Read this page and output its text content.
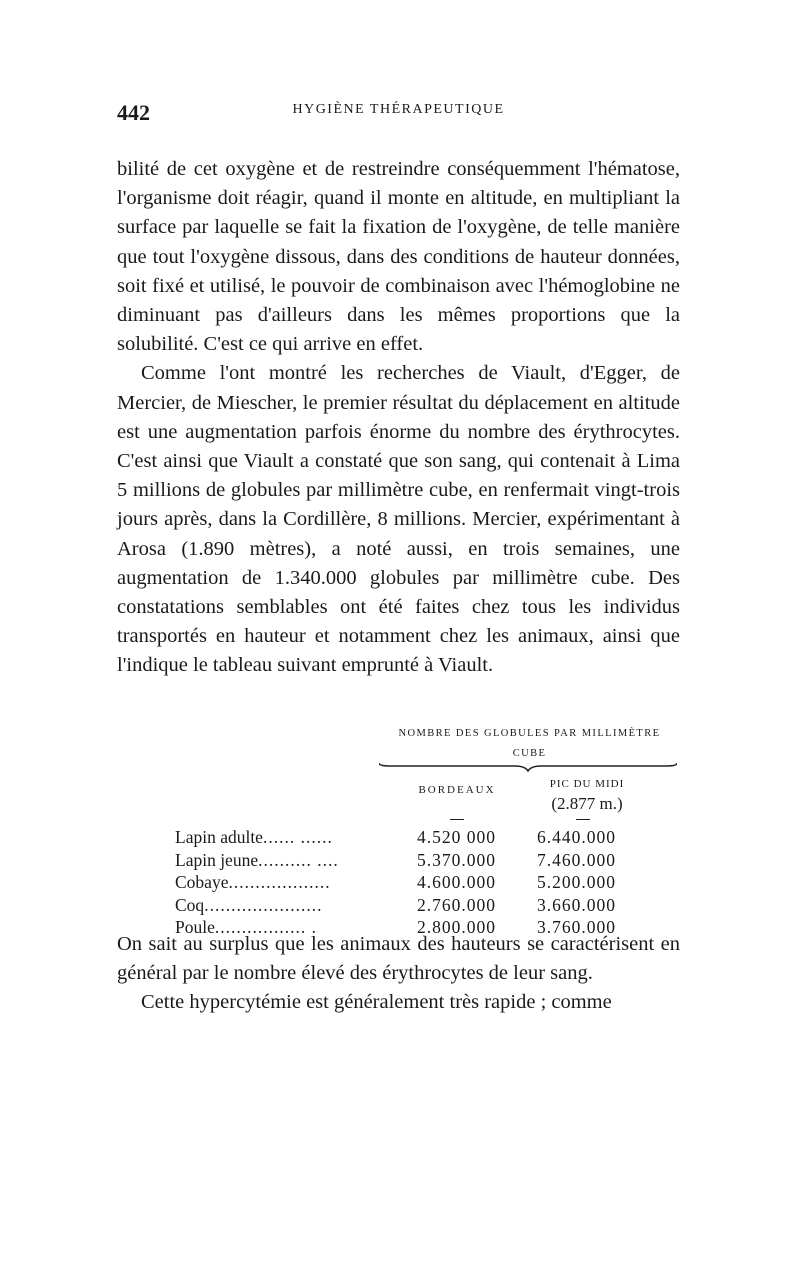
442	HYGIÈNE THÉRAPEUTIQUE

bilité de cet oxygène et de restreindre conséquemment l'hématose, l'organisme doit réagir, quand il monte en altitude, en multipliant la surface par laquelle se fait la fixation de l'oxygène, de telle manière que tout l'oxygène dissous, dans des conditions de hauteur données, soit fixé et utilisé, le pouvoir de combinaison avec l'hémoglobine ne diminuant pas d'ailleurs dans les mêmes proportions que la solubilité. C'est ce qui arrive en effet.

Comme l'ont montré les recherches de Viault, d'Egger, de Mercier, de Miescher, le premier résultat du déplacement en altitude est une augmentation parfois énorme du nombre des érythrocytes. C'est ainsi que Viault a constaté que son sang, qui contenait à Lima 5 millions de globules par millimètre cube, en renfermait vingt-trois jours après, dans la Cordillère, 8 millions. Mercier, expérimentant à Arosa (1.890 mètres), a noté aussi, en trois semaines, une augmentation de 1.340.000 globules par millimètre cube. Des constatations semblables ont été faites chez tous les individus transportés en hauteur et notamment chez les animaux, ainsi que l'indique le tableau suivant emprunté à Viault.

NOMBRE DES GLOBULES PAR MILLIMÈTRE CUBE
BORDEAUX	PIC DU MIDI
(2.877 m.)
Lapin adulte...... ......	4.520 000	6.440.000
Lapin jeune.......... ....	5.370.000	7.460.000
Cobaye...................	4.600.000	5.200.000
Coq......................	2.760.000	3.660.000
Poule................. .	2.800.000	3.760.000

On sait au surplus que les animaux des hauteurs se caractérisent en général par le nombre élevé des érythrocytes de leur sang.

Cette hypercytémie est généralement très rapide ; comme
